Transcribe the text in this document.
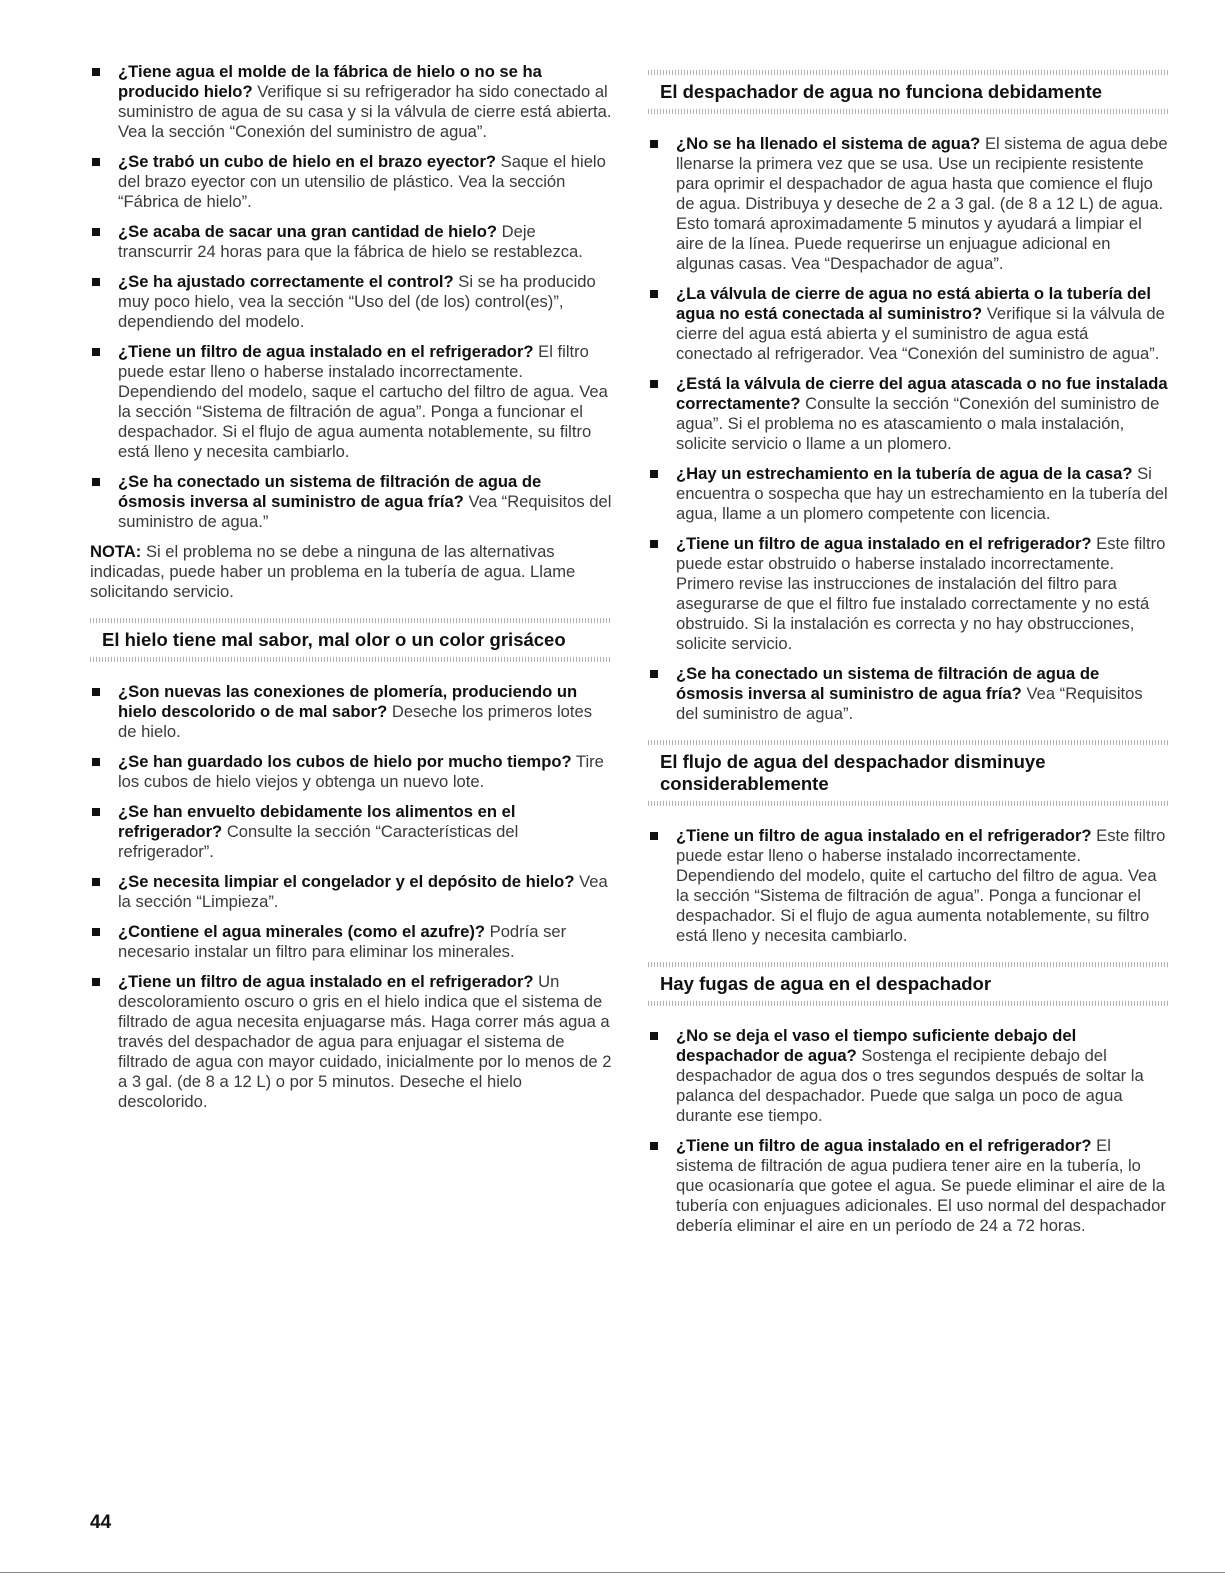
¿Tiene agua el molde de la fábrica de hielo o no se ha producido hielo? Verifique si su refrigerador ha sido conectado al suministro de agua de su casa y si la válvula de cierre está abierta. Vea la sección “Conexión del suministro de agua”.
¿Se trabó un cubo de hielo en el brazo eyector? Saque el hielo del brazo eyector con un utensilio de plástico. Vea la sección “Fábrica de hielo”.
¿Se acaba de sacar una gran cantidad de hielo? Deje transcurrir 24 horas para que la fábrica de hielo se restablezca.
¿Se ha ajustado correctamente el control? Si se ha producido muy poco hielo, vea la sección “Uso del (de los) control(es)”, dependiendo del modelo.
¿Tiene un filtro de agua instalado en el refrigerador? El filtro puede estar lleno o haberse instalado incorrectamente. Dependiendo del modelo, saque el cartucho del filtro de agua. Vea la sección “Sistema de filtración de agua”. Ponga a funcionar el despachador. Si el flujo de agua aumenta notablemente, su filtro está lleno y necesita cambiarlo.
¿Se ha conectado un sistema de filtración de agua de ósmosis inversa al suministro de agua fría? Vea “Requisitos del suministro de agua.”

NOTA: Si el problema no se debe a ninguna de las alternativas indicadas, puede haber un problema en la tubería de agua. Llame solicitando servicio.

El hielo tiene mal sabor, mal olor o un color grisáceo
¿Son nuevas las conexiones de plomería, produciendo un hielo descolorido o de mal sabor? Deseche los primeros lotes de hielo.
¿Se han guardado los cubos de hielo por mucho tiempo? Tire los cubos de hielo viejos y obtenga un nuevo lote.
¿Se han envuelto debidamente los alimentos en el refrigerador? Consulte la sección “Características del refrigerador”.
¿Se necesita limpiar el congelador y el depósito de hielo? Vea la sección “Limpieza”.
¿Contiene el agua minerales (como el azufre)? Podría ser necesario instalar un filtro para eliminar los minerales.
¿Tiene un filtro de agua instalado en el refrigerador? Un descoloramiento oscuro o gris en el hielo indica que el sistema de filtrado de agua necesita enjuagarse más. Haga correr más agua a través del despachador de agua para enjuagar el sistema de filtrado de agua con mayor cuidado, inicialmente por lo menos de 2 a 3 gal. (de 8 a 12 L) o por 5 minutos. Deseche el hielo descolorido.
El despachador de agua no funciona debidamente
¿No se ha llenado el sistema de agua? El sistema de agua debe llenarse la primera vez que se usa. Use un recipiente resistente para oprimir el despachador de agua hasta que comience el flujo de agua. Distribuya y deseche de 2 a 3 gal. (de 8 a 12 L) de agua. Esto tomará aproximadamente 5 minutos y ayudará a limpiar el aire de la línea. Puede requerirse un enjuague adicional en algunas casas. Vea “Despachador de agua”.
¿La válvula de cierre de agua no está abierta o la tubería del agua no está conectada al suministro? Verifique si la válvula de cierre del agua está abierta y el suministro de agua está conectado al refrigerador. Vea “Conexión del suministro de agua”.
¿Está la válvula de cierre del agua atascada o no fue instalada correctamente? Consulte la sección “Conexión del suministro de agua”. Si el problema no es atascamiento o mala instalación, solicite servicio o llame a un plomero.
¿Hay un estrechamiento en la tubería de agua de la casa? Si encuentra o sospecha que hay un estrechamiento en la tubería del agua, llame a un plomero competente con licencia.
¿Tiene un filtro de agua instalado en el refrigerador? Este filtro puede estar obstruido o haberse instalado incorrectamente. Primero revise las instrucciones de instalación del filtro para asegurarse de que el filtro fue instalado correctamente y no está obstruido. Si la instalación es correcta y no hay obstrucciones, solicite servicio.
¿Se ha conectado un sistema de filtración de agua de ósmosis inversa al suministro de agua fría? Vea “Requisitos del suministro de agua”.
El flujo de agua del despachador disminuye considerablemente
¿Tiene un filtro de agua instalado en el refrigerador? Este filtro puede estar lleno o haberse instalado incorrectamente. Dependiendo del modelo, quite el cartucho del filtro de agua. Vea la sección “Sistema de filtración de agua”. Ponga a funcionar el despachador. Si el flujo de agua aumenta notablemente, su filtro está lleno y necesita cambiarlo.
Hay fugas de agua en el despachador
¿No se deja el vaso el tiempo suficiente debajo del despachador de agua? Sostenga el recipiente debajo del despachador de agua dos o tres segundos después de soltar la palanca del despachador. Puede que salga un poco de agua durante ese tiempo.
¿Tiene un filtro de agua instalado en el refrigerador? El sistema de filtración de agua pudiera tener aire en la tubería, lo que ocasionaría que gotee el agua. Se puede eliminar el aire de la tubería con enjuagues adicionales. El uso normal del despachador debería eliminar el aire en un período de 24 a 72 horas.
44
